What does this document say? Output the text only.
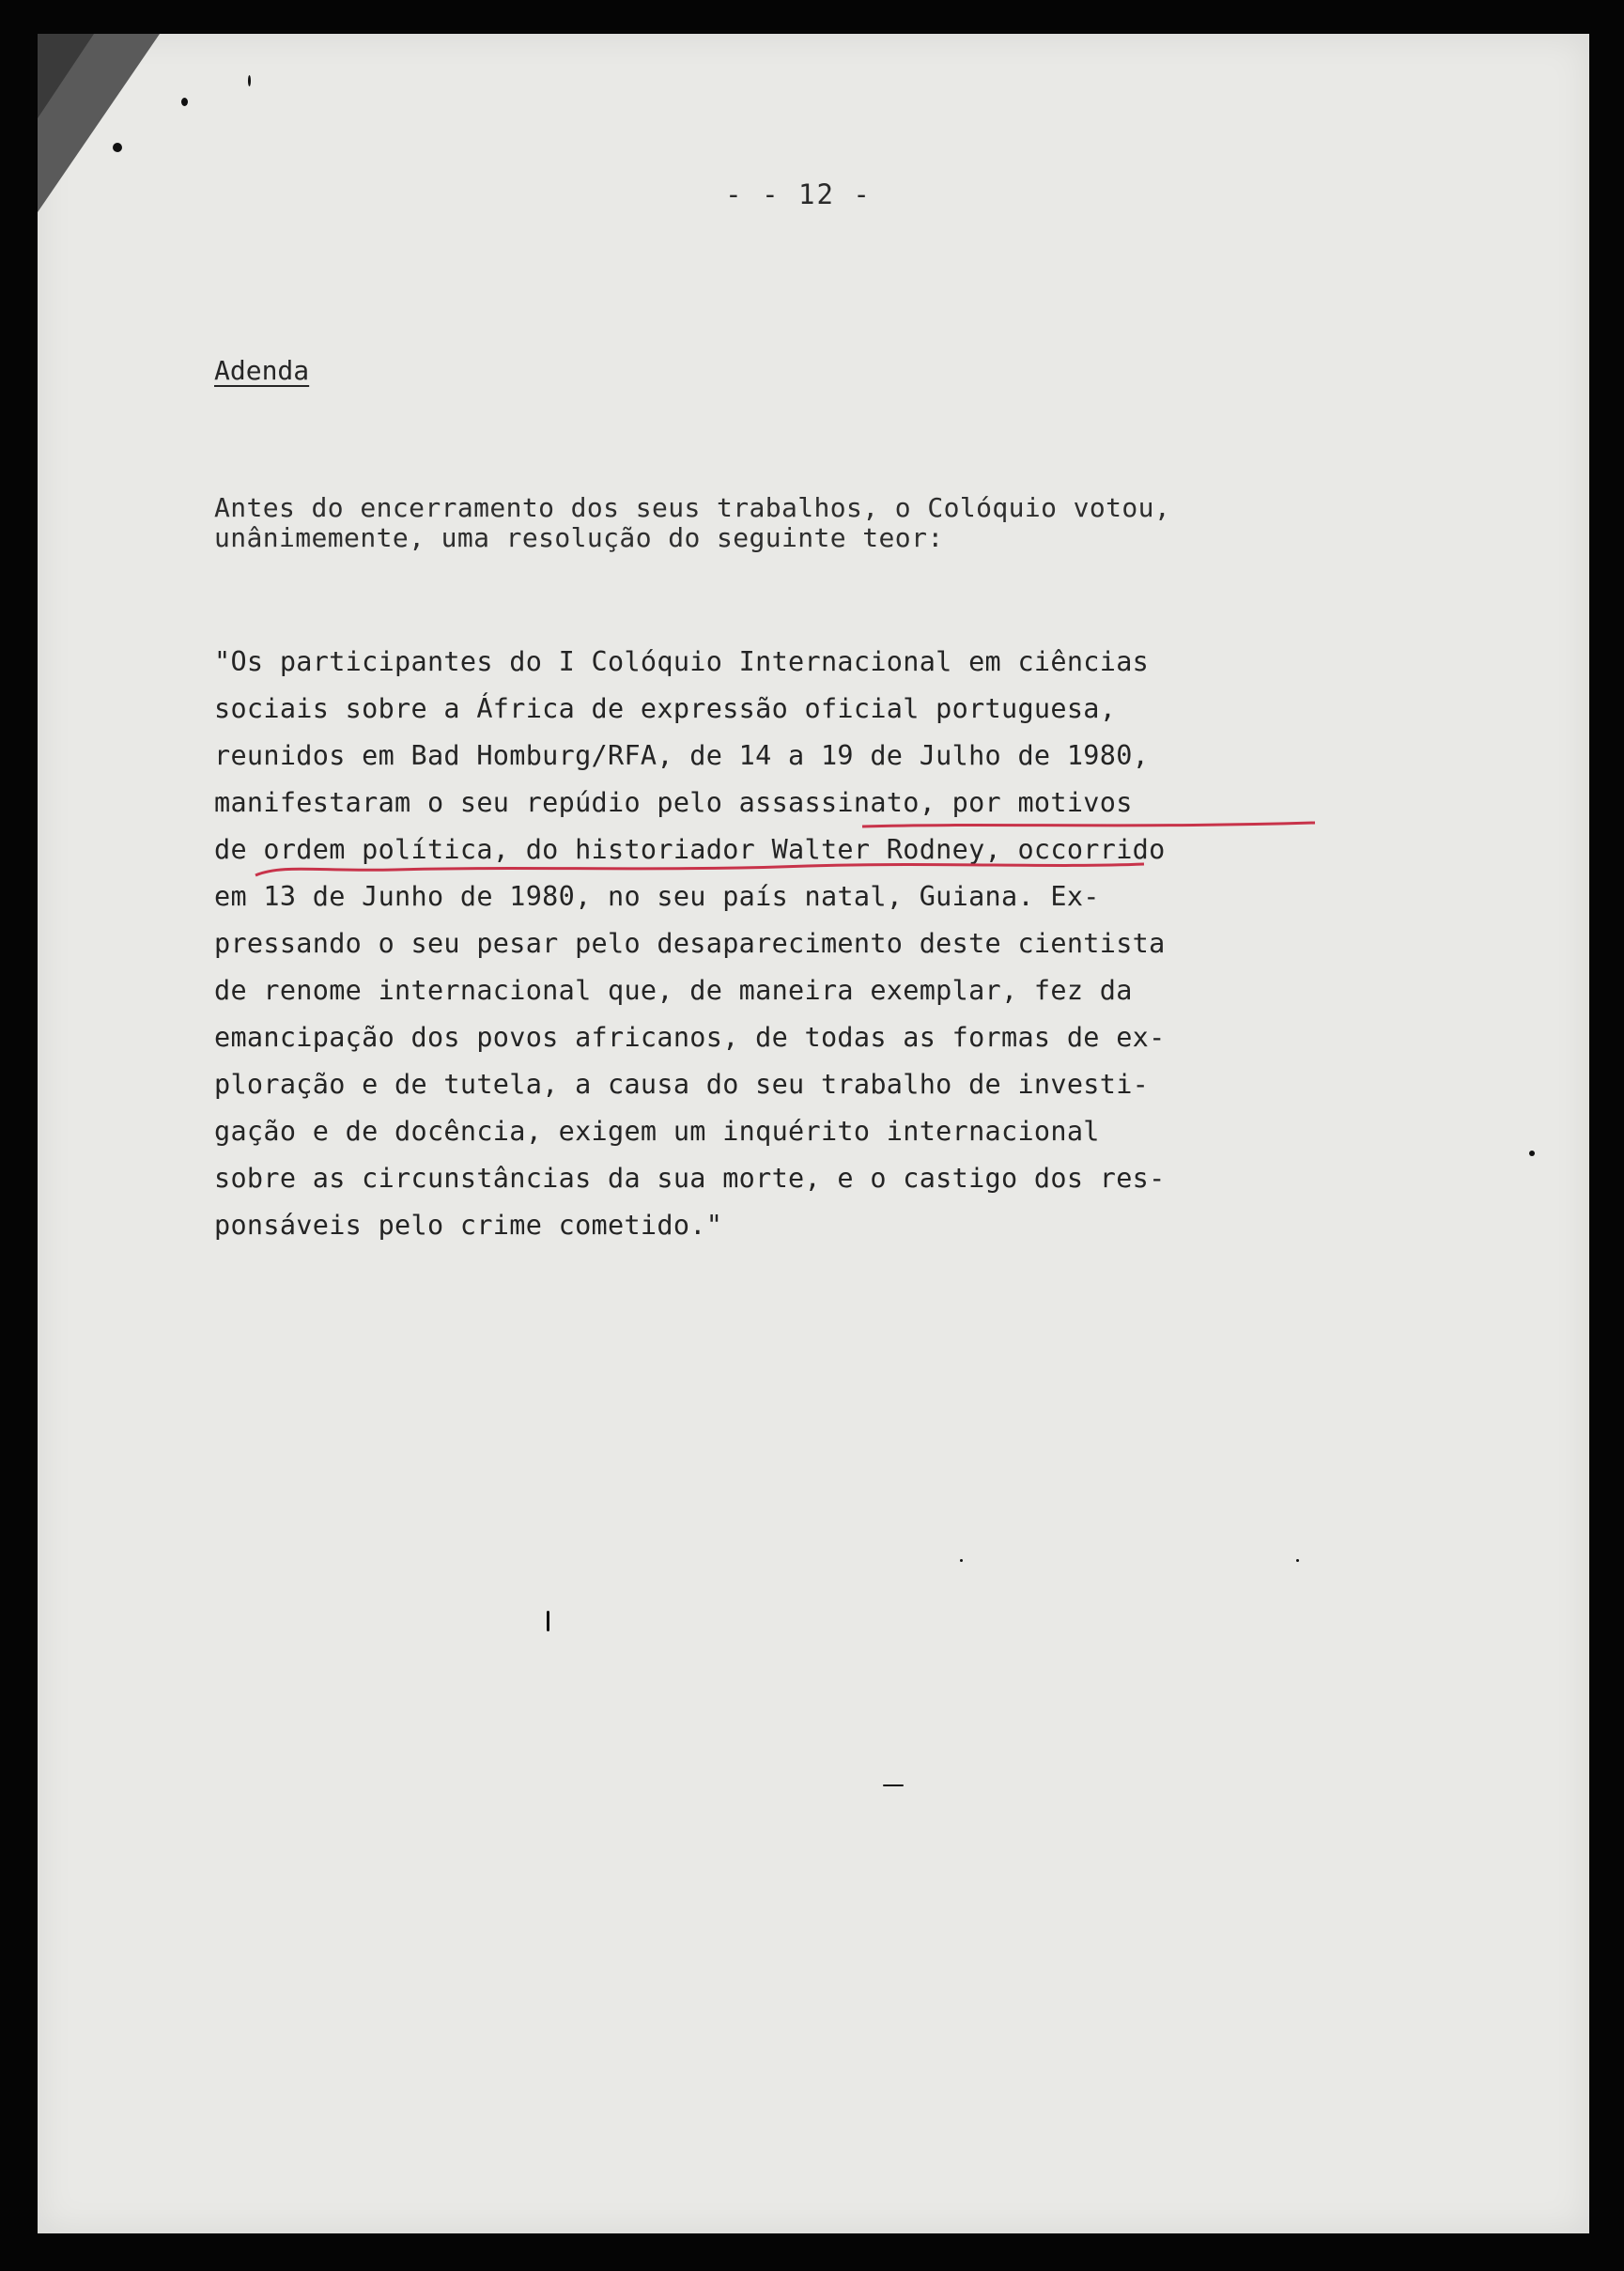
- - 12 -
Adenda
Antes do encerramento dos seus trabalhos, o Colóquio votou,
unânimemente, uma resolução do seguinte teor:
"Os participantes do I Colóquio Internacional em ciências
sociais sobre a África de expressão oficial portuguesa,
reunidos em Bad Homburg/RFA, de 14 a 19 de Julho de 1980,
manifestaram o seu repúdio pelo assassinato, por motivos
de ordem política, do historiador Walter Rodney, occorrido
em 13 de Junho de 1980, no seu país natal, Guiana. Ex-
pressando o seu pesar pelo desaparecimento deste cientista
de renome internacional que, de maneira exemplar, fez da
emancipação dos povos africanos, de todas as formas de ex-
ploração e de tutela, a causa do seu trabalho de investi-
gação e de docência, exigem um inquérito internacional
sobre as circunstâncias da sua morte, e o castigo dos res-
ponsáveis pelo crime cometido."
